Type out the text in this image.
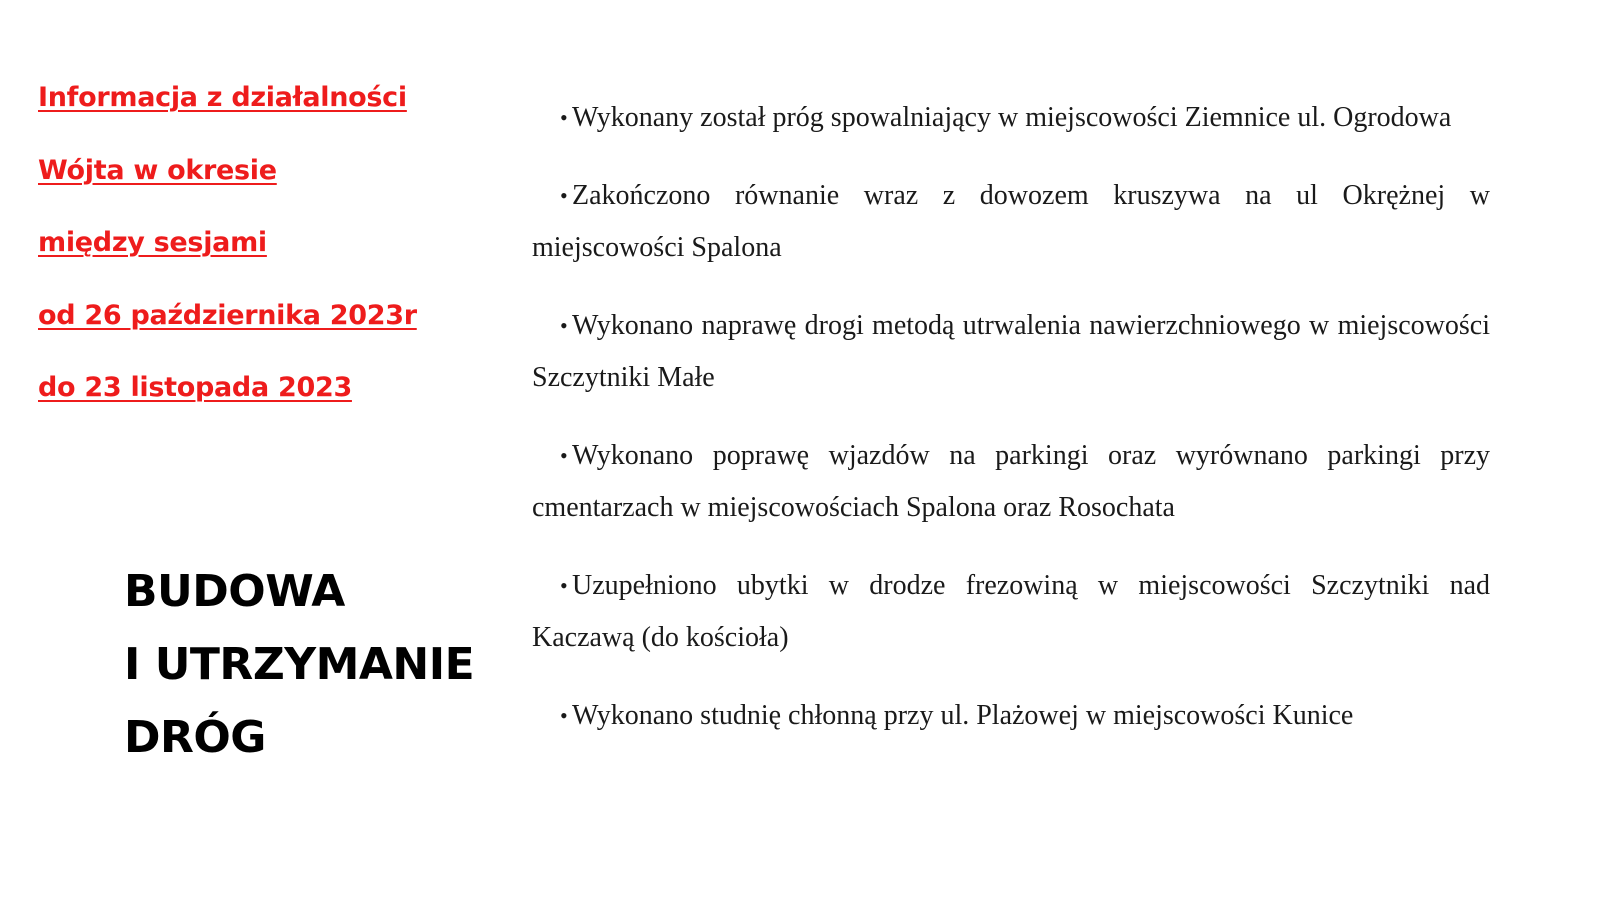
Informacja z działalności
Wójta w okresie
między sesjami
od 26 października 2023r
do 23 listopada 2023
BUDOWA
I UTRZYMANIE
DRÓG
• Wykonany został próg spowalniający w miejscowości Ziemnice ul. Ogrodowa
• Zakończono równanie wraz z dowozem kruszywa na ul Okrężnej w miejscowości Spalona
• Wykonano naprawę drogi metodą utrwalenia nawierzchniowego w miejscowości Szczytniki Małe
• Wykonano poprawę wjazdów na parkingi oraz wyrównano parkingi przy cmentarzach w miejscowościach Spalona oraz Rosochata
• Uzupełniono ubytki w drodze frezowiną w miejscowości Szczytniki nad Kaczawą (do kościoła)
• Wykonano studnię chłonną przy ul. Plażowej w miejscowości Kunice
